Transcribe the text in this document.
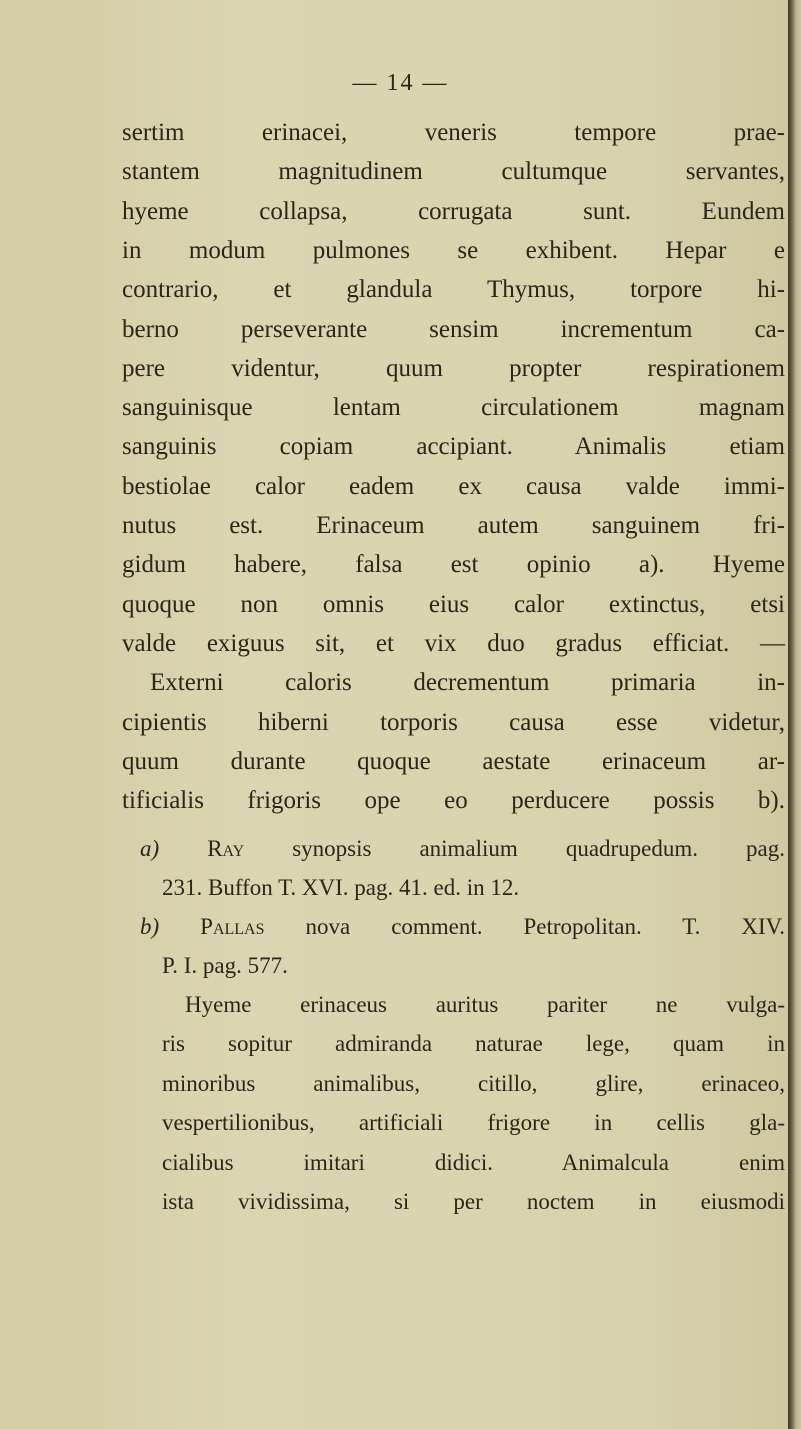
— 14 —
sertim erinacei, veneris tempore prae-
stantem magnitudinem cultumque servantes,
hyeme collapsa, corrugata sunt. Eundem
in modum pulmones se exhibent. Hepar e
contrario, et glandula Thymus, torpore hi-
berno perseverante sensim incrementum ca-
pere videntur, quum propter respirationem
sanguinisque lentam circulationem magnam
sanguinis copiam accipiant. Animalis etiam
bestiolae calor eadem ex causa valde immi-
nutus est. Erinaceum autem sanguinem fri-
gidum habere, falsa est opinio a). Hyeme
quoque non omnis eius calor extinctus, etsi
valde exiguus sit, et vix duo gradus efficiat. —
Externi caloris decrementum primaria in-
cipientis hiberni torporis causa esse videtur,
quum durante quoque aestate erinaceum ar-
tificialis frigoris ope eo perducere possis b).
a) Ray synopsis animalium quadrupedum. pag.
231. Buffon T. XVI. pag. 41. ed. in 12.
b) Pallas nova comment. Petropolitan. T. XIV.
P. I. pag. 577.
Hyeme erinaceus auritus pariter ne vulga-
ris sopitur admiranda naturae lege, quam in
minoribus animalibus, citillo, glire, erinaceo,
vespertilionibus, artificiali frigore in cellis gla-
cialibus imitari didici. Animalcula enim
ista vividissima, si per noctem in eiusmodi
